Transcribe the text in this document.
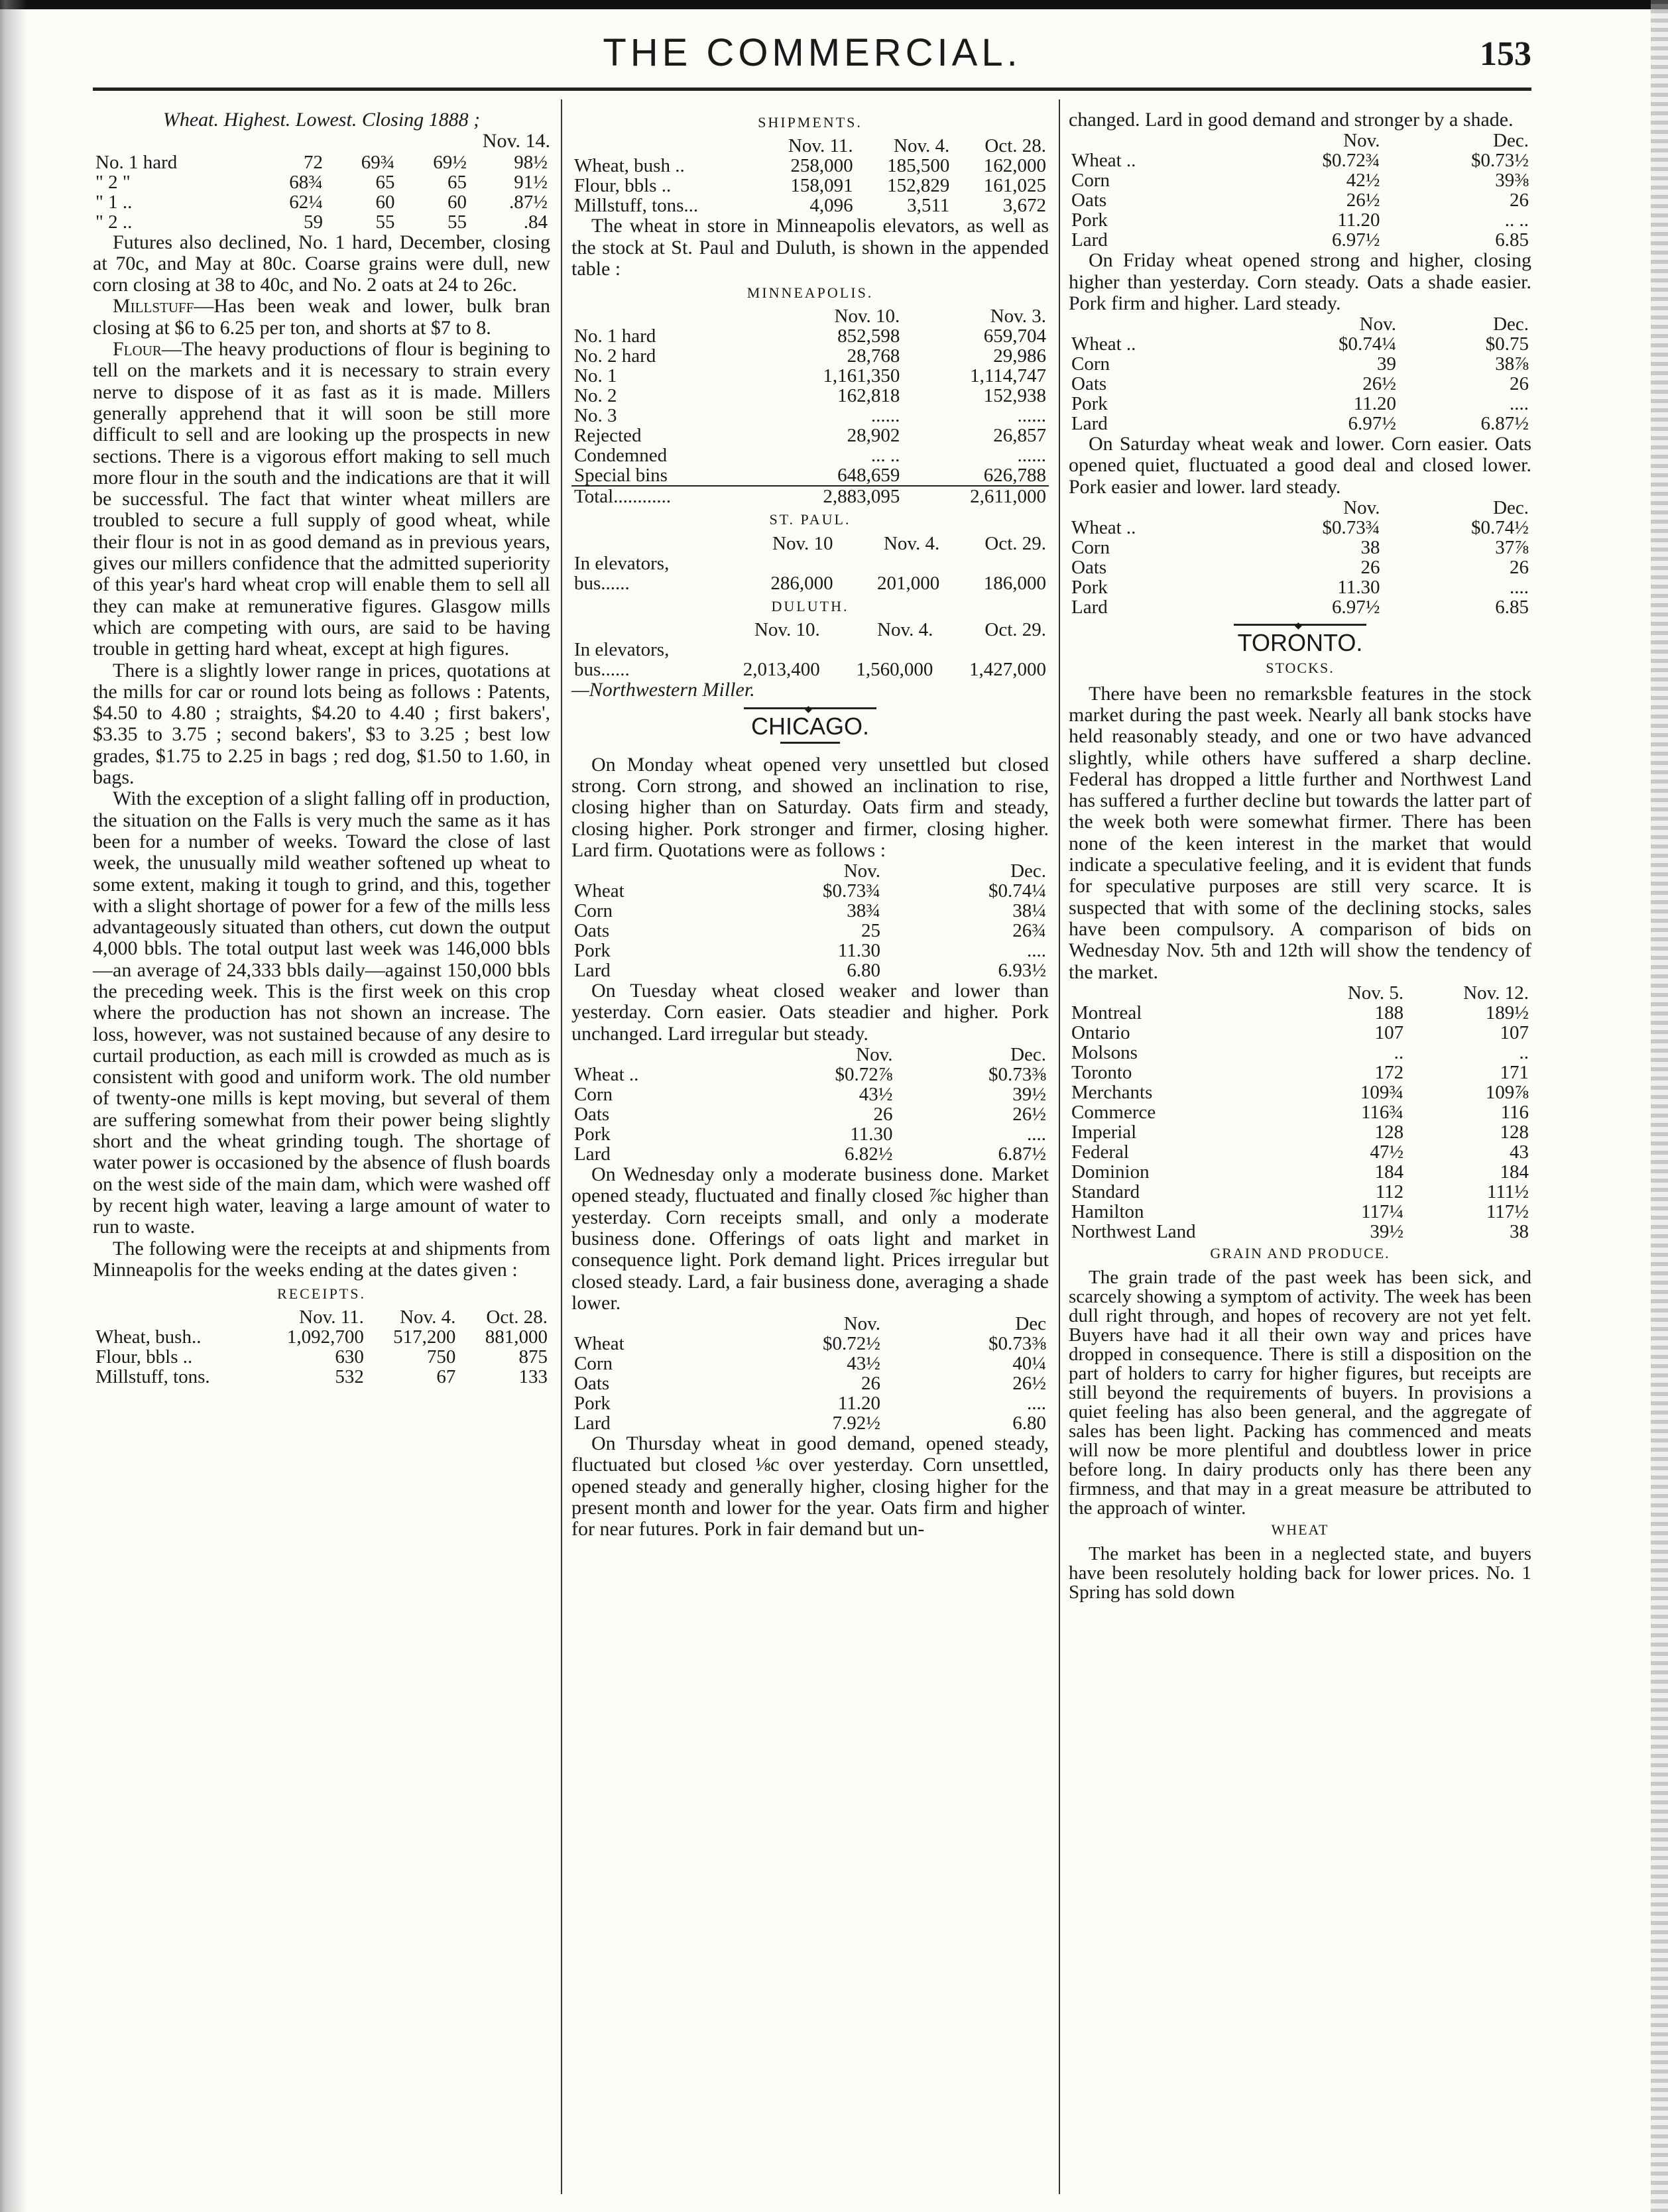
THE COMMERCIAL.	153
Wheat. Highest. Lowest. Closing 1888 ;
Nov. 14.
No. 1 hard	72	69¾	69½	98½
" 2 "	68¾	65	65	91½
" 1 ..	62¼	60	60	.87½
" 2 ..	59	55	55	.84

Futures also declined, No. 1 hard, December, closing at 70c, and May at 80c. Coarse grains were dull, new corn closing at 38 to 40c, and No. 2 oats at 24 to 26c.

Millstuff—Has been weak and lower, bulk bran closing at $6 to 6.25 per ton, and shorts at $7 to 8.

Flour—The heavy productions of flour is begining to tell on the markets and it is necessary to strain every nerve to dispose of it as fast as it is made. Millers generally apprehend that it will soon be still more difficult to sell and are looking up the prospects in new sections. There is a vigorous effort making to sell much more flour in the south and the indications are that it will be successful. The fact that winter wheat millers are troubled to secure a full supply of good wheat, while their flour is not in as good demand as in previous years, gives our millers confidence that the admitted superiority of this year's hard wheat crop will enable them to sell all they can make at remunerative figures. Glasgow mills which are competing with ours, are said to be having trouble in getting hard wheat, except at high figures.

There is a slightly lower range in prices, quotations at the mills for car or round lots being as follows : Patents, $4.50 to 4.80 ; straights, $4.20 to 4.40 ; first bakers', $3.35 to 3.75 ; second bakers', $3 to 3.25 ; best low grades, $1.75 to 2.25 in bags ; red dog, $1.50 to 1.60, in bags.

With the exception of a slight falling off in production, the situation on the Falls is very much the same as it has been for a number of weeks. Toward the close of last week, the unusually mild weather softened up wheat to some extent, making it tough to grind, and this, together with a slight shortage of power for a few of the mills less advantageously situated than others, cut down the output 4,000 bbls. The total output last week was 146,000 bbls—an average of 24,333 bbls daily—against 150,000 bbls the preceding week. This is the first week on this crop where the production has not shown an increase. The loss, however, was not sustained because of any desire to curtail production, as each mill is crowded as much as is consistent with good and uniform work. The old number of twenty-one mills is kept moving, but several of them are suffering somewhat from their power being slightly short and the wheat grinding tough. The shortage of water power is occasioned by the absence of flush boards on the west side of the main dam, which were washed off by recent high water, leaving a large amount of water to run to waste.

The following were the receipts at and shipments from Minneapolis for the weeks ending at the dates given :

RECEIPTS.
	Nov. 11.	Nov. 4.	Oct. 28.
Wheat, bush..	1,092,700	517,200	881,000
Flour, bbls ..	630	750	875
Millstuff, tons.	532	67	133
SHIPMENTS.
	Nov. 11.	Nov. 4.	Oct. 28.
Wheat, bush ..	258,000	185,500	162,000
Flour, bbls ..	158,091	152,829	161,025
Millstuff, tons...	4,096	3,511	3,672

The wheat in store in Minneapolis elevators, as well as the stock at St. Paul and Duluth, is shown in the appended table :

MINNEAPOLIS.
	Nov. 10.	Nov. 3.
No. 1 hard	852,598	659,704
No. 2 hard	28,768	29,986
No. 1	1,161,350	1,114,747
No. 2	162,818	152,938
No. 3	......	......
Rejected	28,902	26,857
Condemned	... ..	......
Special bins	648,659	626,788
Total............	2,883,095	2,611,000
ST. PAUL.
	Nov. 10	Nov. 4.	Oct. 29.
In elevators,			
bus......	286,000	201,000	186,000
DULUTH.
	Nov. 10.	Nov. 4.	Oct. 29.
In elevators,			
bus......	2,013,400	1,560,000	1,427,000
—Northwestern Miller.
◆
CHICAGO.

On Monday wheat opened very unsettled but closed strong. Corn strong, and showed an inclination to rise, closing higher than on Saturday. Oats firm and steady, closing higher. Pork stronger and firmer, closing higher. Lard firm. Quotations were as follows :

	Nov.	Dec.
Wheat	$0.73¾	$0.74¼
Corn	38¾	38¼
Oats	25	26¾
Pork	11.30	....
Lard	6.80	6.93½

On Tuesday wheat closed weaker and lower than yesterday. Corn easier. Oats steadier and higher. Pork unchanged. Lard irregular but steady.

	Nov.	Dec.
Wheat ..	$0.72⅞	$0.73⅜
Corn	43½	39½
Oats	26	26½
Pork	11.30	....
Lard	6.82½	6.87½

On Wednesday only a moderate business done. Market opened steady, fluctuated and finally closed ⅞c higher than yesterday. Corn receipts small, and only a moderate business done. Offerings of oats light and market in consequence light. Pork demand light. Prices irregular but closed steady. Lard, a fair business done, averaging a shade lower.

	Nov.	Dec
Wheat	$0.72½	$0.73⅜
Corn	43½	40¼
Oats	26	26½
Pork	11.20	....
Lard	7.92½	6.80

On Thursday wheat in good demand, opened steady, fluctuated but closed ⅛c over yesterday. Corn unsettled, opened steady and generally higher, closing higher for the present month and lower for the year. Oats firm and higher for near futures. Pork in fair demand but un-

changed. Lard in good demand and stronger by a shade.

	Nov.	Dec.
Wheat ..	$0.72¾	$0.73½
Corn	42½	39⅜
Oats	26½	26
Pork	11.20	.. ..
Lard	6.97½	6.85

On Friday wheat opened strong and higher, closing higher than yesterday. Corn steady. Oats a shade easier. Pork firm and higher. Lard steady.

	Nov.	Dec.
Wheat ..	$0.74¼	$0.75
Corn	39	38⅞
Oats	26½	26
Pork	11.20	....
Lard	6.97½	6.87½

On Saturday wheat weak and lower. Corn easier. Oats opened quiet, fluctuated a good deal and closed lower. Pork easier and lower. lard steady.

	Nov.	Dec.
Wheat ..	$0.73¾	$0.74½
Corn	38	37⅞
Oats	26	26
Pork	11.30	....
Lard	6.97½	6.85
◆
TORONTO.
STOCKS.

There have been no remarksble features in the stock market during the past week. Nearly all bank stocks have held reasonably steady, and one or two have advanced slightly, while others have suffered a sharp decline. Federal has dropped a little further and Northwest Land has suffered a further decline but towards the latter part of the week both were somewhat firmer. There has been none of the keen interest in the market that would indicate a speculative feeling, and it is evident that funds for speculative purposes are still very scarce. It is suspected that with some of the declining stocks, sales have been compulsory. A comparison of bids on Wednesday Nov. 5th and 12th will show the tendency of the market.

	Nov. 5.	Nov. 12.
Montreal	188	189½
Ontario	107	107
Molsons	..	..
Toronto	172	171
Merchants	109¾	109⅞
Commerce	116¾	116
Imperial	128	128
Federal	47½	43
Dominion	184	184
Standard	112	111½
Hamilton	117¼	117½
Northwest Land	39½	38
GRAIN AND PRODUCE.

The grain trade of the past week has been sick, and scarcely showing a symptom of activity. The week has been dull right through, and hopes of recovery are not yet felt. Buyers have had it all their own way and prices have dropped in consequence. There is still a disposition on the part of holders to carry for higher figures, but receipts are still beyond the requirements of buyers. In provisions a quiet feeling has also been general, and the aggregate of sales has been light. Packing has commenced and meats will now be more plentiful and doubtless lower in price before long. In dairy products only has there been any firmness, and that may in a great measure be attributed to the approach of winter.

WHEAT

The market has been in a neglected state, and buyers have been resolutely holding back for lower prices. No. 1 Spring has sold down
